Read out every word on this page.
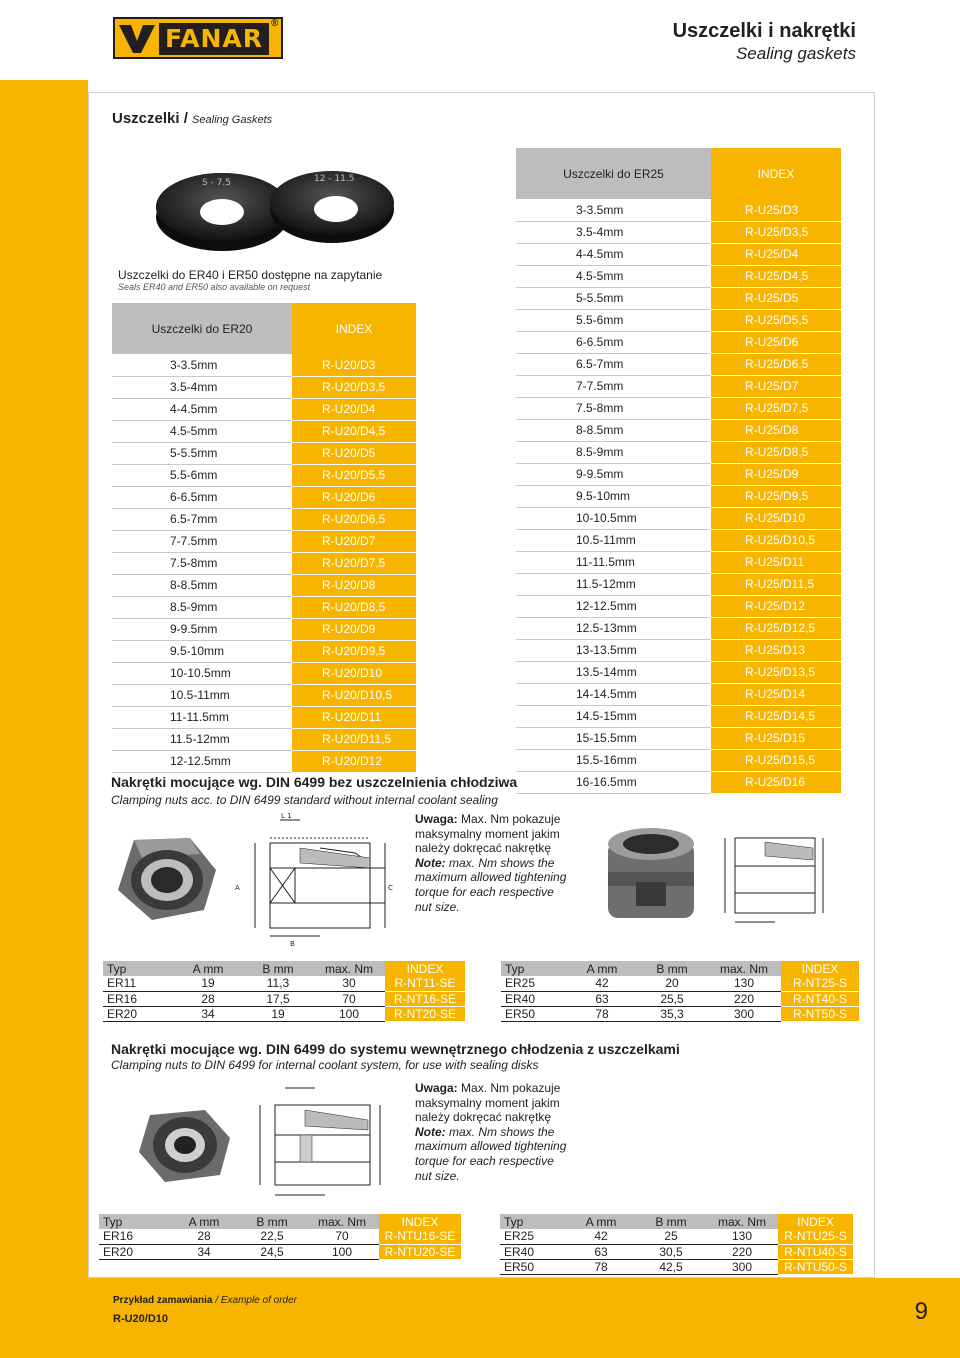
FANAR
®	Uszczelki i nakrętki
Sealing gaskets
Uszczelki / Sealing Gaskets
S - 7.5	12 - 11.5
Uszczelki do ER40 i ER50 dostępne na zapytanie
Seals ER40 and ER50 also available on request
Uszczelki do ER20	INDEX
3-3.5mm	R-U20/D3
3.5-4mm	R-U20/D3,5
4-4.5mm	R-U20/D4
4.5-5mm	R-U20/D4,5
5-5.5mm	R-U20/D5
5.5-6mm	R-U20/D5,5
6-6.5mm	R-U20/D6
6.5-7mm	R-U20/D6,5
7-7.5mm	R-U20/D7
7.5-8mm	R-U20/D7,5
8-8.5mm	R-U20/D8
8.5-9mm	R-U20/D8,5
9-9.5mm	R-U20/D9
9.5-10mm	R-U20/D9,5
10-10.5mm	R-U20/D10
10.5-11mm	R-U20/D10,5
11-11.5mm	R-U20/D11
11.5-12mm	R-U20/D11,5
12-12.5mm	R-U20/D12
Uszczelki do ER25	INDEX
3-3.5mm	R-U25/D3
3.5-4mm	R-U25/D3,5
4-4.5mm	R-U25/D4
4.5-5mm	R-U25/D4,5
5-5.5mm	R-U25/D5
5.5-6mm	R-U25/D5,5
6-6.5mm	R-U25/D6
6.5-7mm	R-U25/D6,5
7-7.5mm	R-U25/D7
7.5-8mm	R-U25/D7,5
8-8.5mm	R-U25/D8
8.5-9mm	R-U25/D8,5
9-9.5mm	R-U25/D9
9.5-10mm	R-U25/D9,5
10-10.5mm	R-U25/D10
10.5-11mm	R-U25/D10,5
11-11.5mm	R-U25/D11
11.5-12mm	R-U25/D11,5
12-12.5mm	R-U25/D12
12.5-13mm	R-U25/D12,5
13-13.5mm	R-U25/D13
13.5-14mm	R-U25/D13,5
14-14.5mm	R-U25/D14
14.5-15mm	R-U25/D14,5
15-15.5mm	R-U25/D15
15.5-16mm	R-U25/D15,5
16-16.5mm	R-U25/D16
Nakrętki mocujące wg. DIN 6499 bez uszczelnienia chłodziwa
Clamping nuts acc. to DIN 6499 standard without internal coolant sealing
L 1
A
B
C
Uwaga: Max. Nm pokazuje
maksymalny moment jakim
należy dokręcać nakrętkę
Note: max. Nm shows the
maximum allowed tightening
torque for each respective
nut size.
Typ	A mm	B mm	max. Nm	INDEX
ER11	19	11,3	30	R-NT11-SE
ER16	28	17,5	70	R-NT16-SE
ER20	34	19	100	R-NT20-SE
Typ	A mm	B mm	max. Nm	INDEX
ER25	42	20	130	R-NT25-S
ER40	63	25,5	220	R-NT40-S
ER50	78	35,3	300	R-NT50-S
Nakrętki mocujące wg. DIN 6499 do systemu wewnętrznego chłodzenia z uszczelkami
Clamping nuts to DIN 6499 for internal coolant system, for use with sealing disks
Uwaga: Max. Nm pokazuje
maksymalny moment jakim
należy dokręcać nakrętkę
Note: max. Nm shows the
maximum allowed tightening
torque for each respective
nut size.
Typ	A mm	B mm	max. Nm	INDEX
ER16	28	22,5	70	R-NTU16-SE
ER20	34	24,5	100	R-NTU20-SE
Typ	A mm	B mm	max. Nm	INDEX
ER25	42	25	130	R-NTU25-S
ER40	63	30,5	220	R-NTU40-S
ER50	78	42,5	300	R-NTU50-S
Przykład zamawiania / Example of order
R-U20/D10	9
